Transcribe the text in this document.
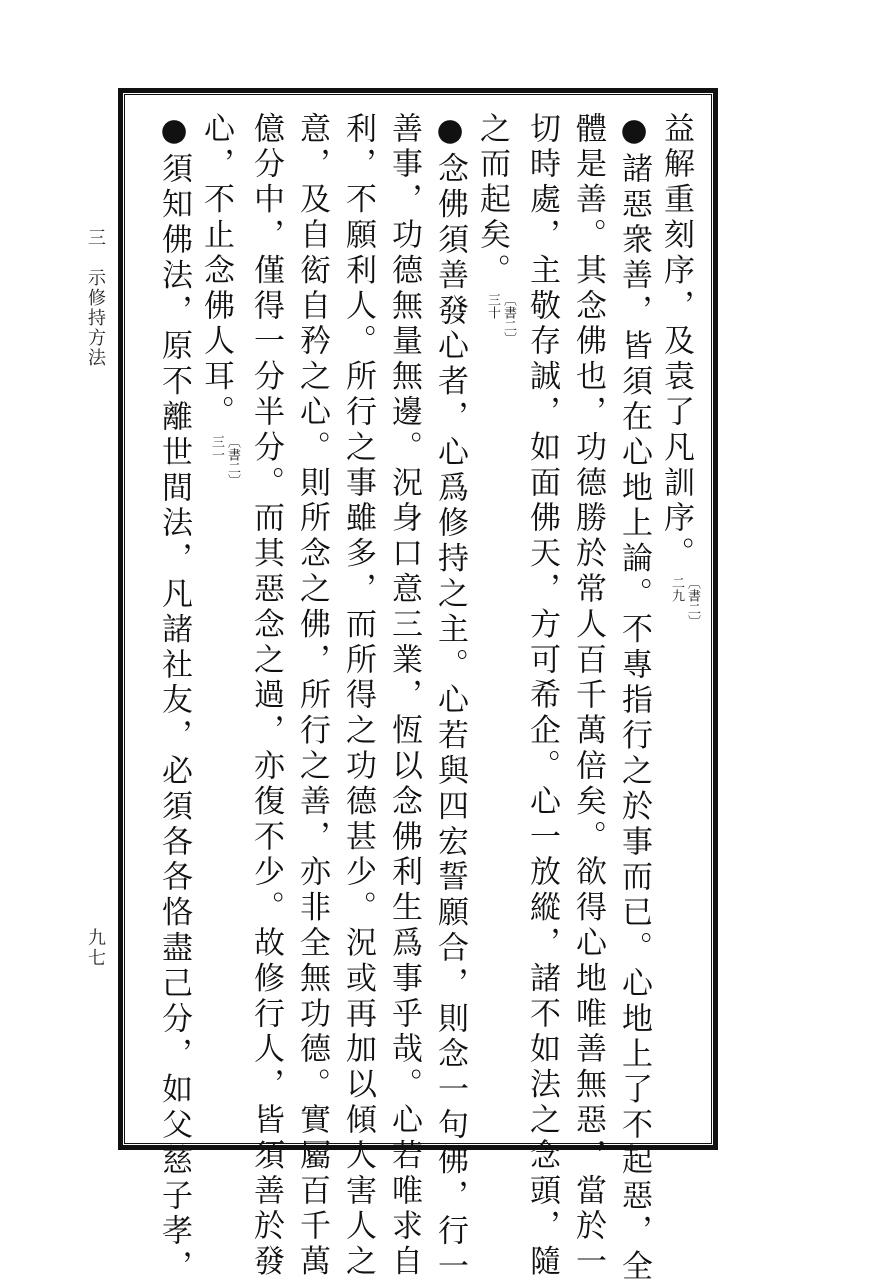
三　示修持方法
九七
益解重刻序，及袁了凡訓序。〔書二〕
二九
●諸惡衆善，皆須在心地上論。不專指行之於事而已。心地上了不起惡，全
體是善。其念佛也，功德勝於常人百千萬倍矣。欲得心地唯善無惡，當於一
切時處，主敬存誠，如面佛天，方可希企。心一放縱，諸不如法之念頭，隨
之而起矣。〔書二〕
三十
●念佛須善發心者，心爲修持之主。心若與四宏誓願合，則念一句佛，行一
善事，功德無量無邊。況身口意三業，恆以念佛利生爲事乎哉。心若唯求自
利，不願利人。所行之事雖多，而所得之功德甚少。況或再加以傾人害人之
意，及自衒自矜之心。則所念之佛，所行之善，亦非全無功德。實屬百千萬
億分中，僅得一分半分。而其惡念之過，亦復不少。故修行人，皆須善於發
心，不止念佛人耳。〔書二〕
三一
●須知佛法，原不離世間法，凡諸社友，必須各各恪盡己分，如父慈子孝，
